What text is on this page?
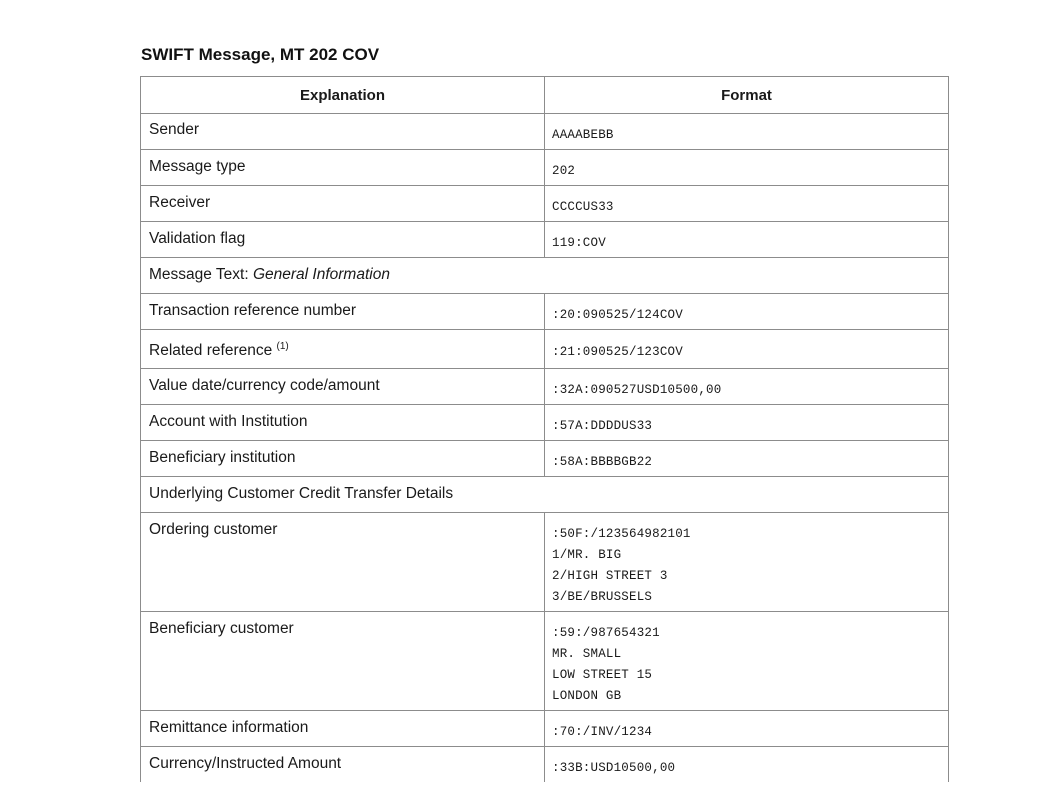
SWIFT Message, MT 202 COV
Explanation	Format

Sender	AAAABEBB

Message type	202

Receiver	CCCCUS33

Validation flag	119:COV

Message Text: General Information	

Transaction reference number	:20:090525/124COV

Related reference $^{(1)}$	:21:090525/123COV

Value date/currency code/amount	:32A:090527USD10500,00

Account with Institution	:57A:DDDDUS33

Beneficiary institution	:58A:BBBBGB22

Underlying Customer Credit Transfer Details	

Ordering customer	:50F:/123564982101
1/MR. BIG
2/HIGH STREET 3
3/BE/BRUSSELS

Beneficiary customer	:59:/987654321
MR. SMALL
LOW STREET 15
LONDON GB

Remittance information	:70:/INV/1234

Currency/Instructed Amount	:33B:USD10500,00
